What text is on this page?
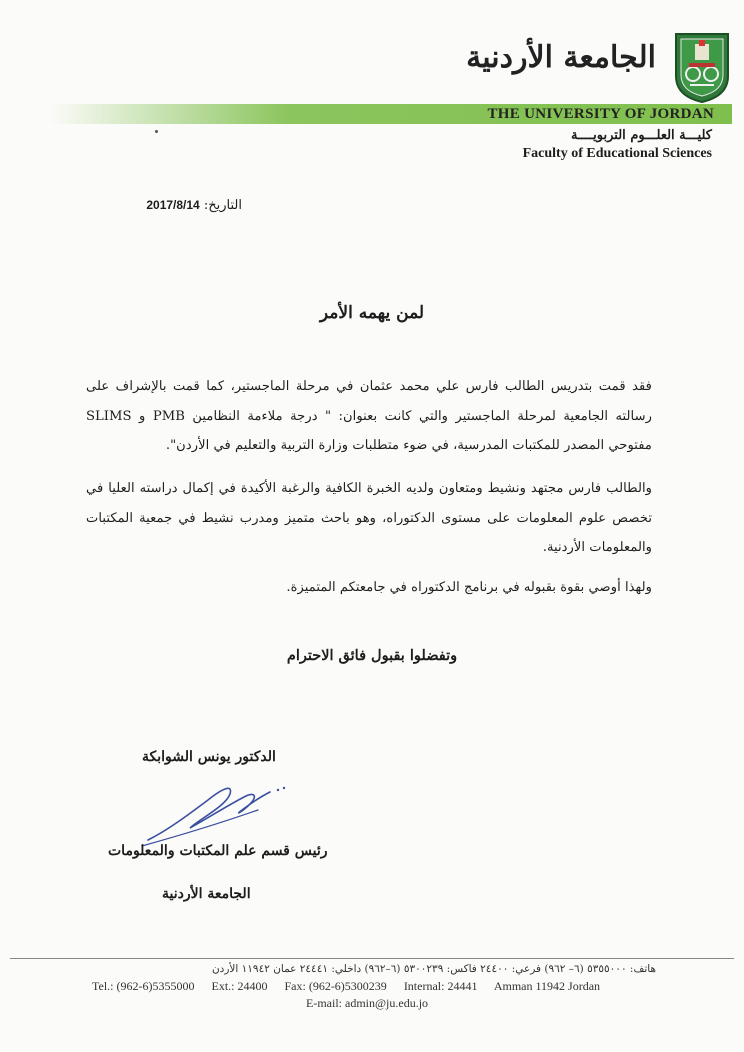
الجامعة الأردنية
THE UNIVERSITY OF JORDAN
كليـــة العلـــوم التربويــــة
Faculty of Educational Sciences
التاريخ: 2017/8/14
لمن يهمه الأمر
فقد قمت بتدريس الطالب فارس علي محمد عثمان في مرحلة الماجستير، كما قمت بالإشراف على رسالته الجامعية لمرحلة الماجستير والتي كانت بعنوان: " درجة ملاءمة النظامين PMB و SLIMS مفتوحي المصدر للمكتبات المدرسية، في ضوء متطلبات وزارة التربية والتعليم في الأردن".
والطالب فارس مجتهد ونشيط ومتعاون ولديه الخبرة الكافية والرغبة الأكيدة في إكمال دراسته العليا في تخصص علوم المعلومات على مستوى الدكتوراه، وهو باحث متميز ومدرب نشيط في جمعية المكتبات والمعلومات الأردنية.
ولهذا أوصي بقوة بقبوله في برنامج الدكتوراه في جامعتكم المتميزة.
وتفضلوا بقبول فائق الاحترام
الدكتور يونس الشوابكة
رئيس قسم علم المكتبات والمعلومات
الجامعة الأردنية
هاتف: ٥٣٥٥٠٠٠ (٦– ٩٦٢) فرعي: ٢٤٤٠٠ فاكس: ٥٣٠٠٢٣٩ (٦–٩٦٢) داخلي: ٢٤٤٤١ عمان ١١٩٤٢ الأردن
Tel.: (962-6)5355000 Ext.: 24400 Fax: (962-6)5300239 Internal: 24441 Amman 11942 Jordan
E-mail: admin@ju.edu.jo
